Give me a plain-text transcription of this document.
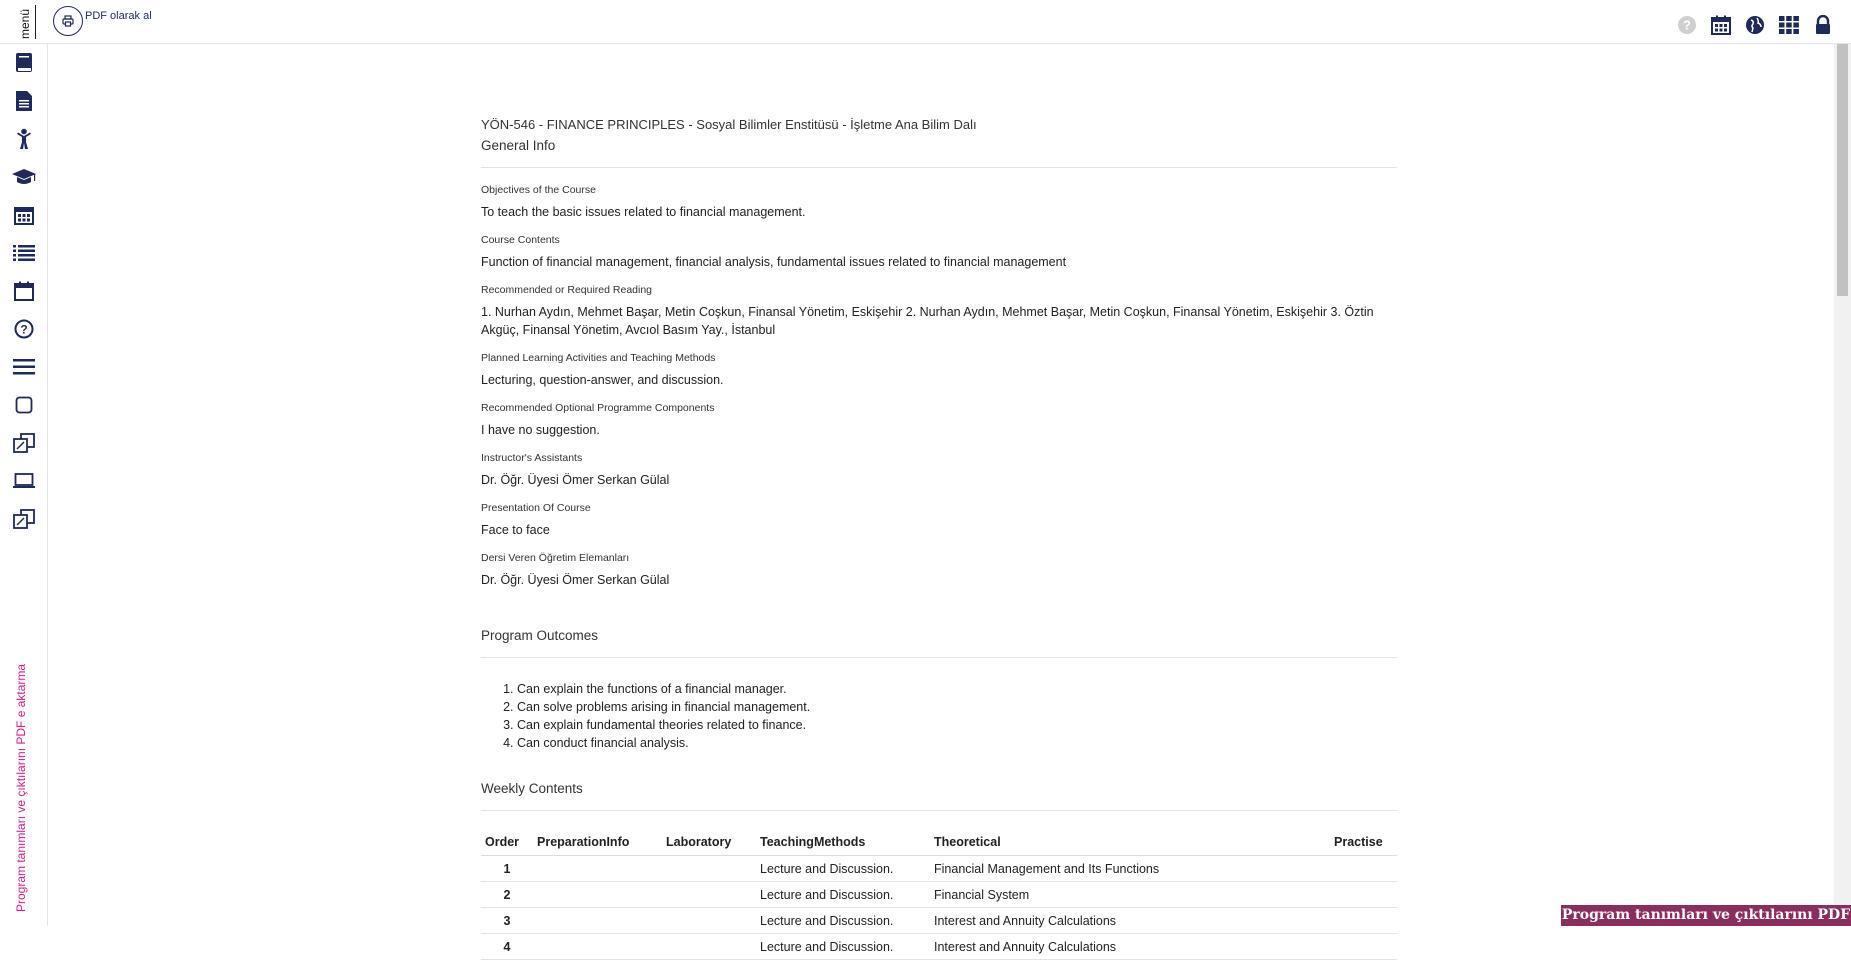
menü	PDF olarak al
?
?
Program tanımları ve çıktılarını PDF e aktarma
YÖN-546 - FINANCE PRINCIPLES - Sosyal Bilimler Enstitüsü - İşletme Ana Bilim Dalı
General Info
Objectives of the Course
To teach the basic issues related to financial management.
Course Contents
Function of financial management, financial analysis, fundamental issues related to financial management
Recommended or Required Reading
1. Nurhan Aydın, Mehmet Başar, Metin Coşkun, Finansal Yönetim, Eskişehir 2. Nurhan Aydın, Mehmet Başar, Metin Coşkun, Finansal Yönetim, Eskişehir 3. Öztin Akgüç, Finansal Yönetim, Avcıol Basım Yay., İstanbul
Planned Learning Activities and Teaching Methods
Lecturing, question-answer, and discussion.
Recommended Optional Programme Components
I have no suggestion.
Instructor's Assistants
Dr. Öğr. Üyesi Ömer Serkan Gülal
Presentation Of Course
Face to face
Dersi Veren Öğretim Elemanları
Dr. Öğr. Üyesi Ömer Serkan Gülal
Program Outcomes
1. Can explain the functions of a financial manager.
2. Can solve problems arising in financial management.
3. Can explain fundamental theories related to finance.
4. Can conduct financial analysis.
Weekly Contents
Order	PreparationInfo	Laboratory	TeachingMethods	Theoretical	Practise
1			Lecture and Discussion.	Financial Management and Its Functions	
2			Lecture and Discussion.	Financial System	
3			Lecture and Discussion.	Interest and Annuity Calculations	
4			Lecture and Discussion.	Interest and Annuity Calculations	
Program tanımları ve çıktılarını PDF e aktarma
